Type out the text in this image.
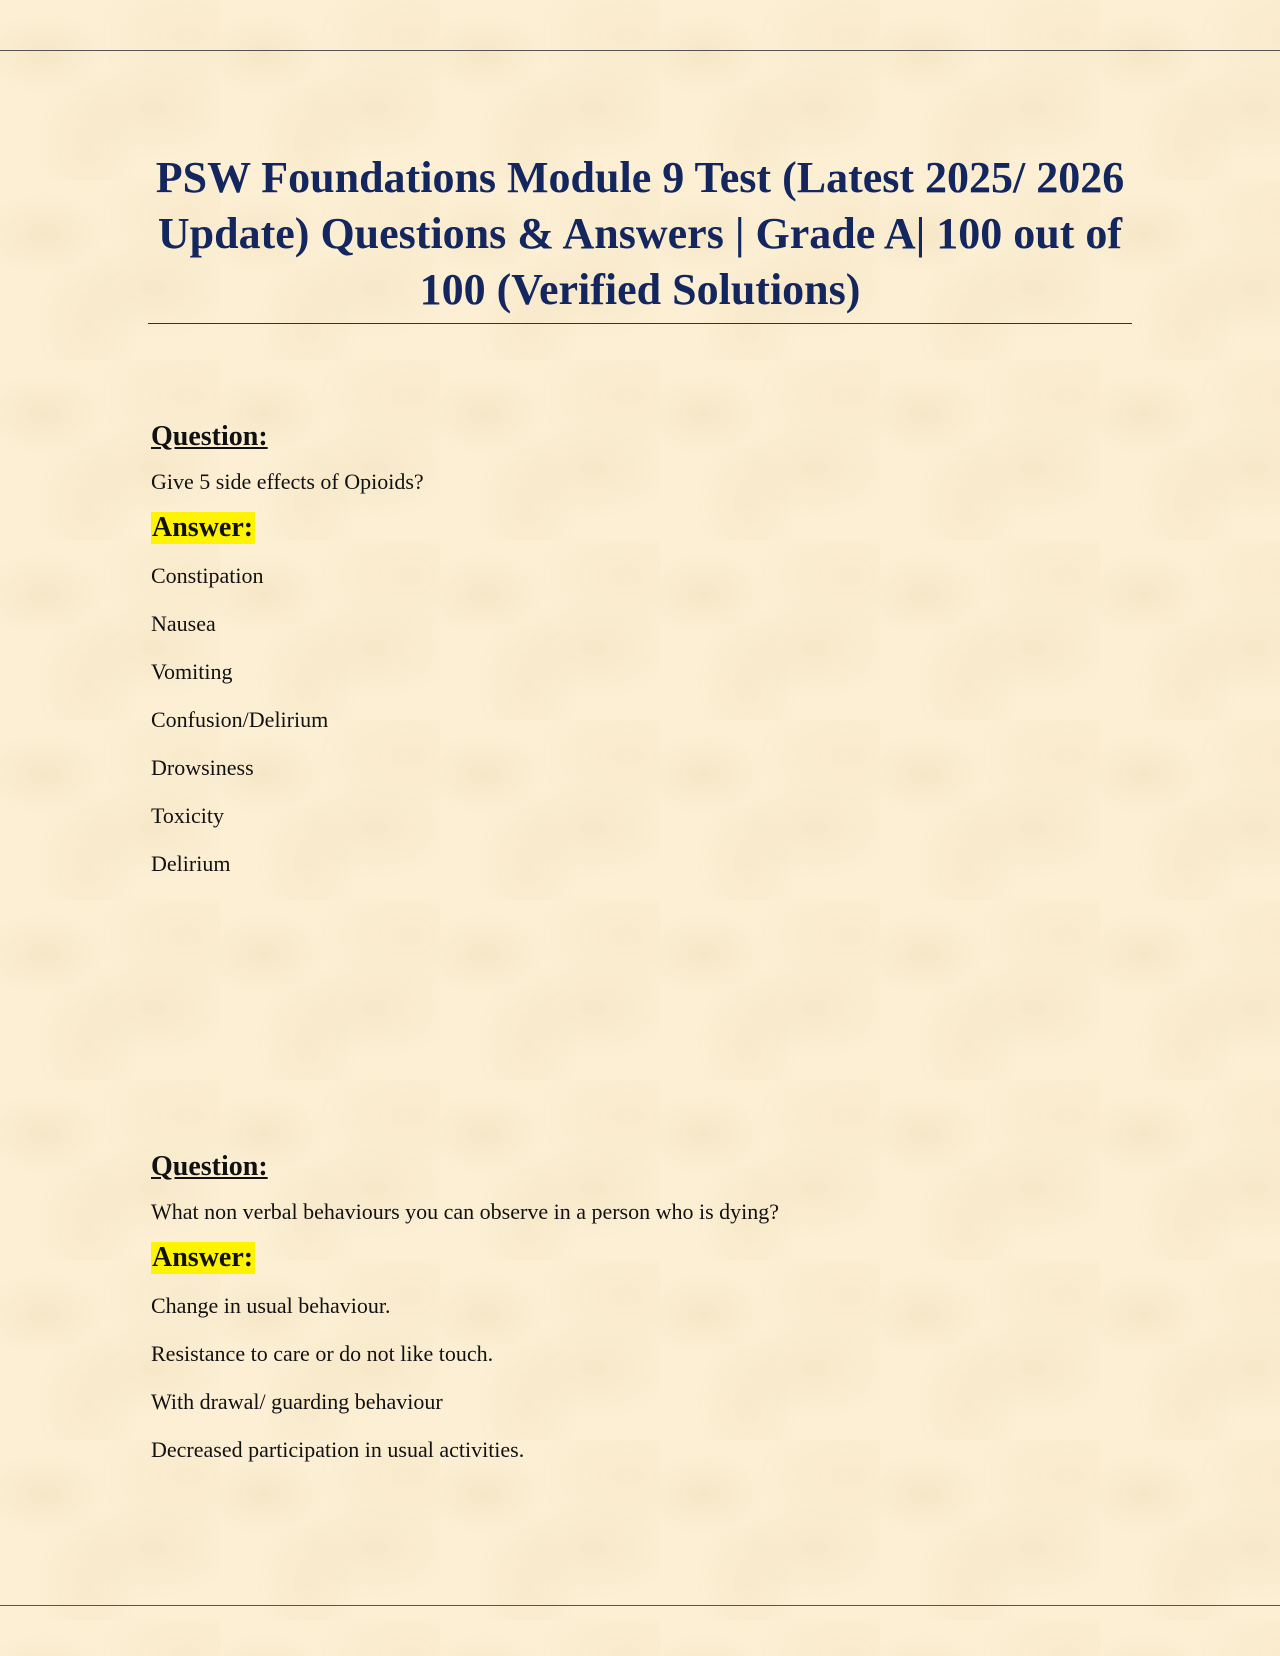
PSW Foundations Module 9 Test (Latest 2025/ 2026 Update) Questions & Answers | Grade A| 100 out of 100 (Verified Solutions)

Question:

Give 5 side effects of Opioids?

Answer:
Constipation
Nausea
Vomiting
Confusion/Delirium
Drowsiness
Toxicity
Delirium

Question:

What non verbal behaviours you can observe in a person who is dying?

Answer:
Change in usual behaviour.
Resistance to care or do not like touch.
With drawal/ guarding behaviour
Decreased participation in usual activities.
